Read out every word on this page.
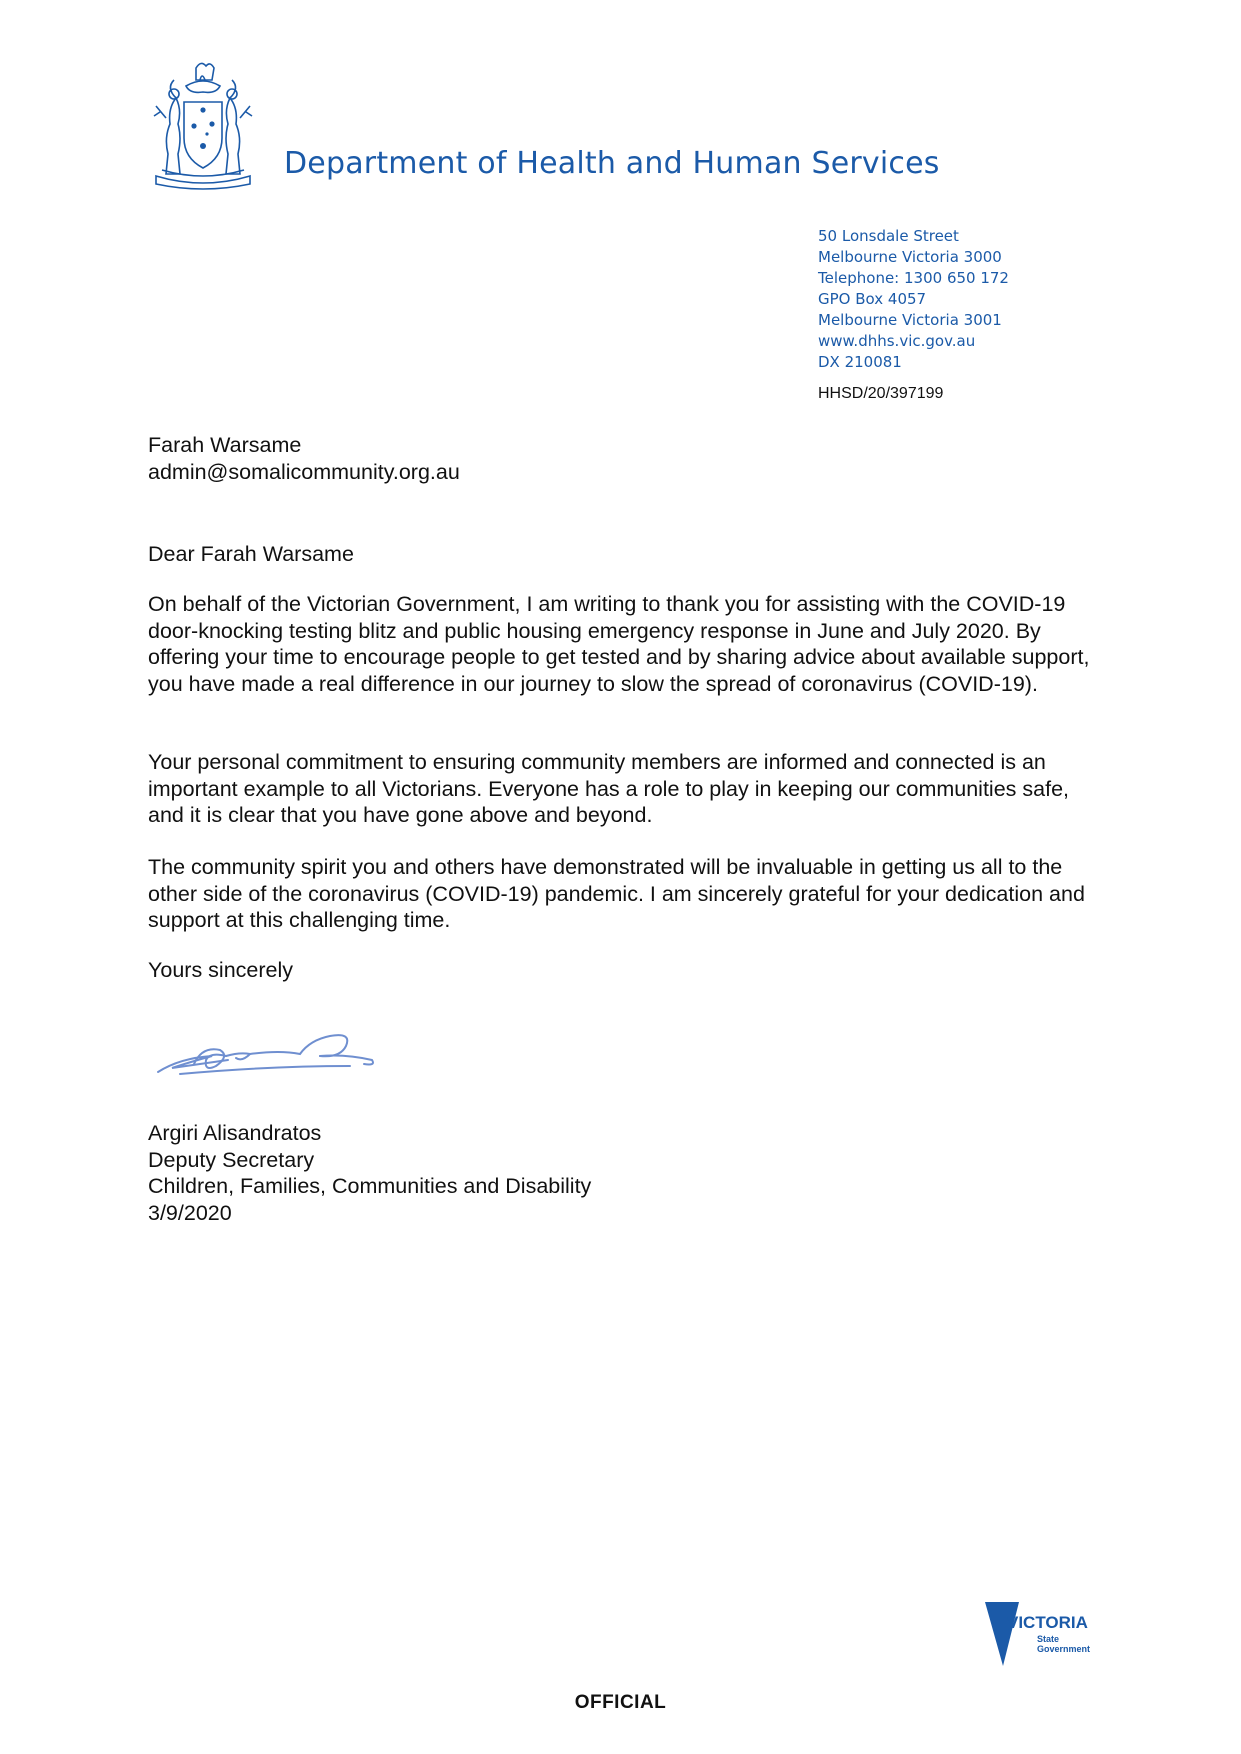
Department of Health and Human Services
50 Lonsdale Street
Melbourne Victoria 3000
Telephone: 1300 650 172
GPO Box 4057
Melbourne Victoria 3001
www.dhhs.vic.gov.au
DX 210081
HHSD/20/397199

Farah Warsame

admin@somalicommunity.org.au

Dear Farah Warsame

On behalf of the Victorian Government, I am writing to thank you for assisting with the COVID-19 door-knocking testing blitz and public housing emergency response in June and July 2020. By offering your time to encourage people to get tested and by sharing advice about available support, you have made a real difference in our journey to slow the spread of coronavirus (COVID-19).

Your personal commitment to ensuring community members are informed and connected is an important example to all Victorians. Everyone has a role to play in keeping our communities safe, and it is clear that you have gone above and beyond.

The community spirit you and others have demonstrated will be invaluable in getting us all to the other side of the coronavirus (COVID-19) pandemic. I am sincerely grateful for your dedication and support at this challenging time.

Yours sincerely

Argiri Alisandratos

Deputy Secretary

Children, Families, Communities and Disability

3/9/2020

VICTORIA
State
Government
OFFICIAL
